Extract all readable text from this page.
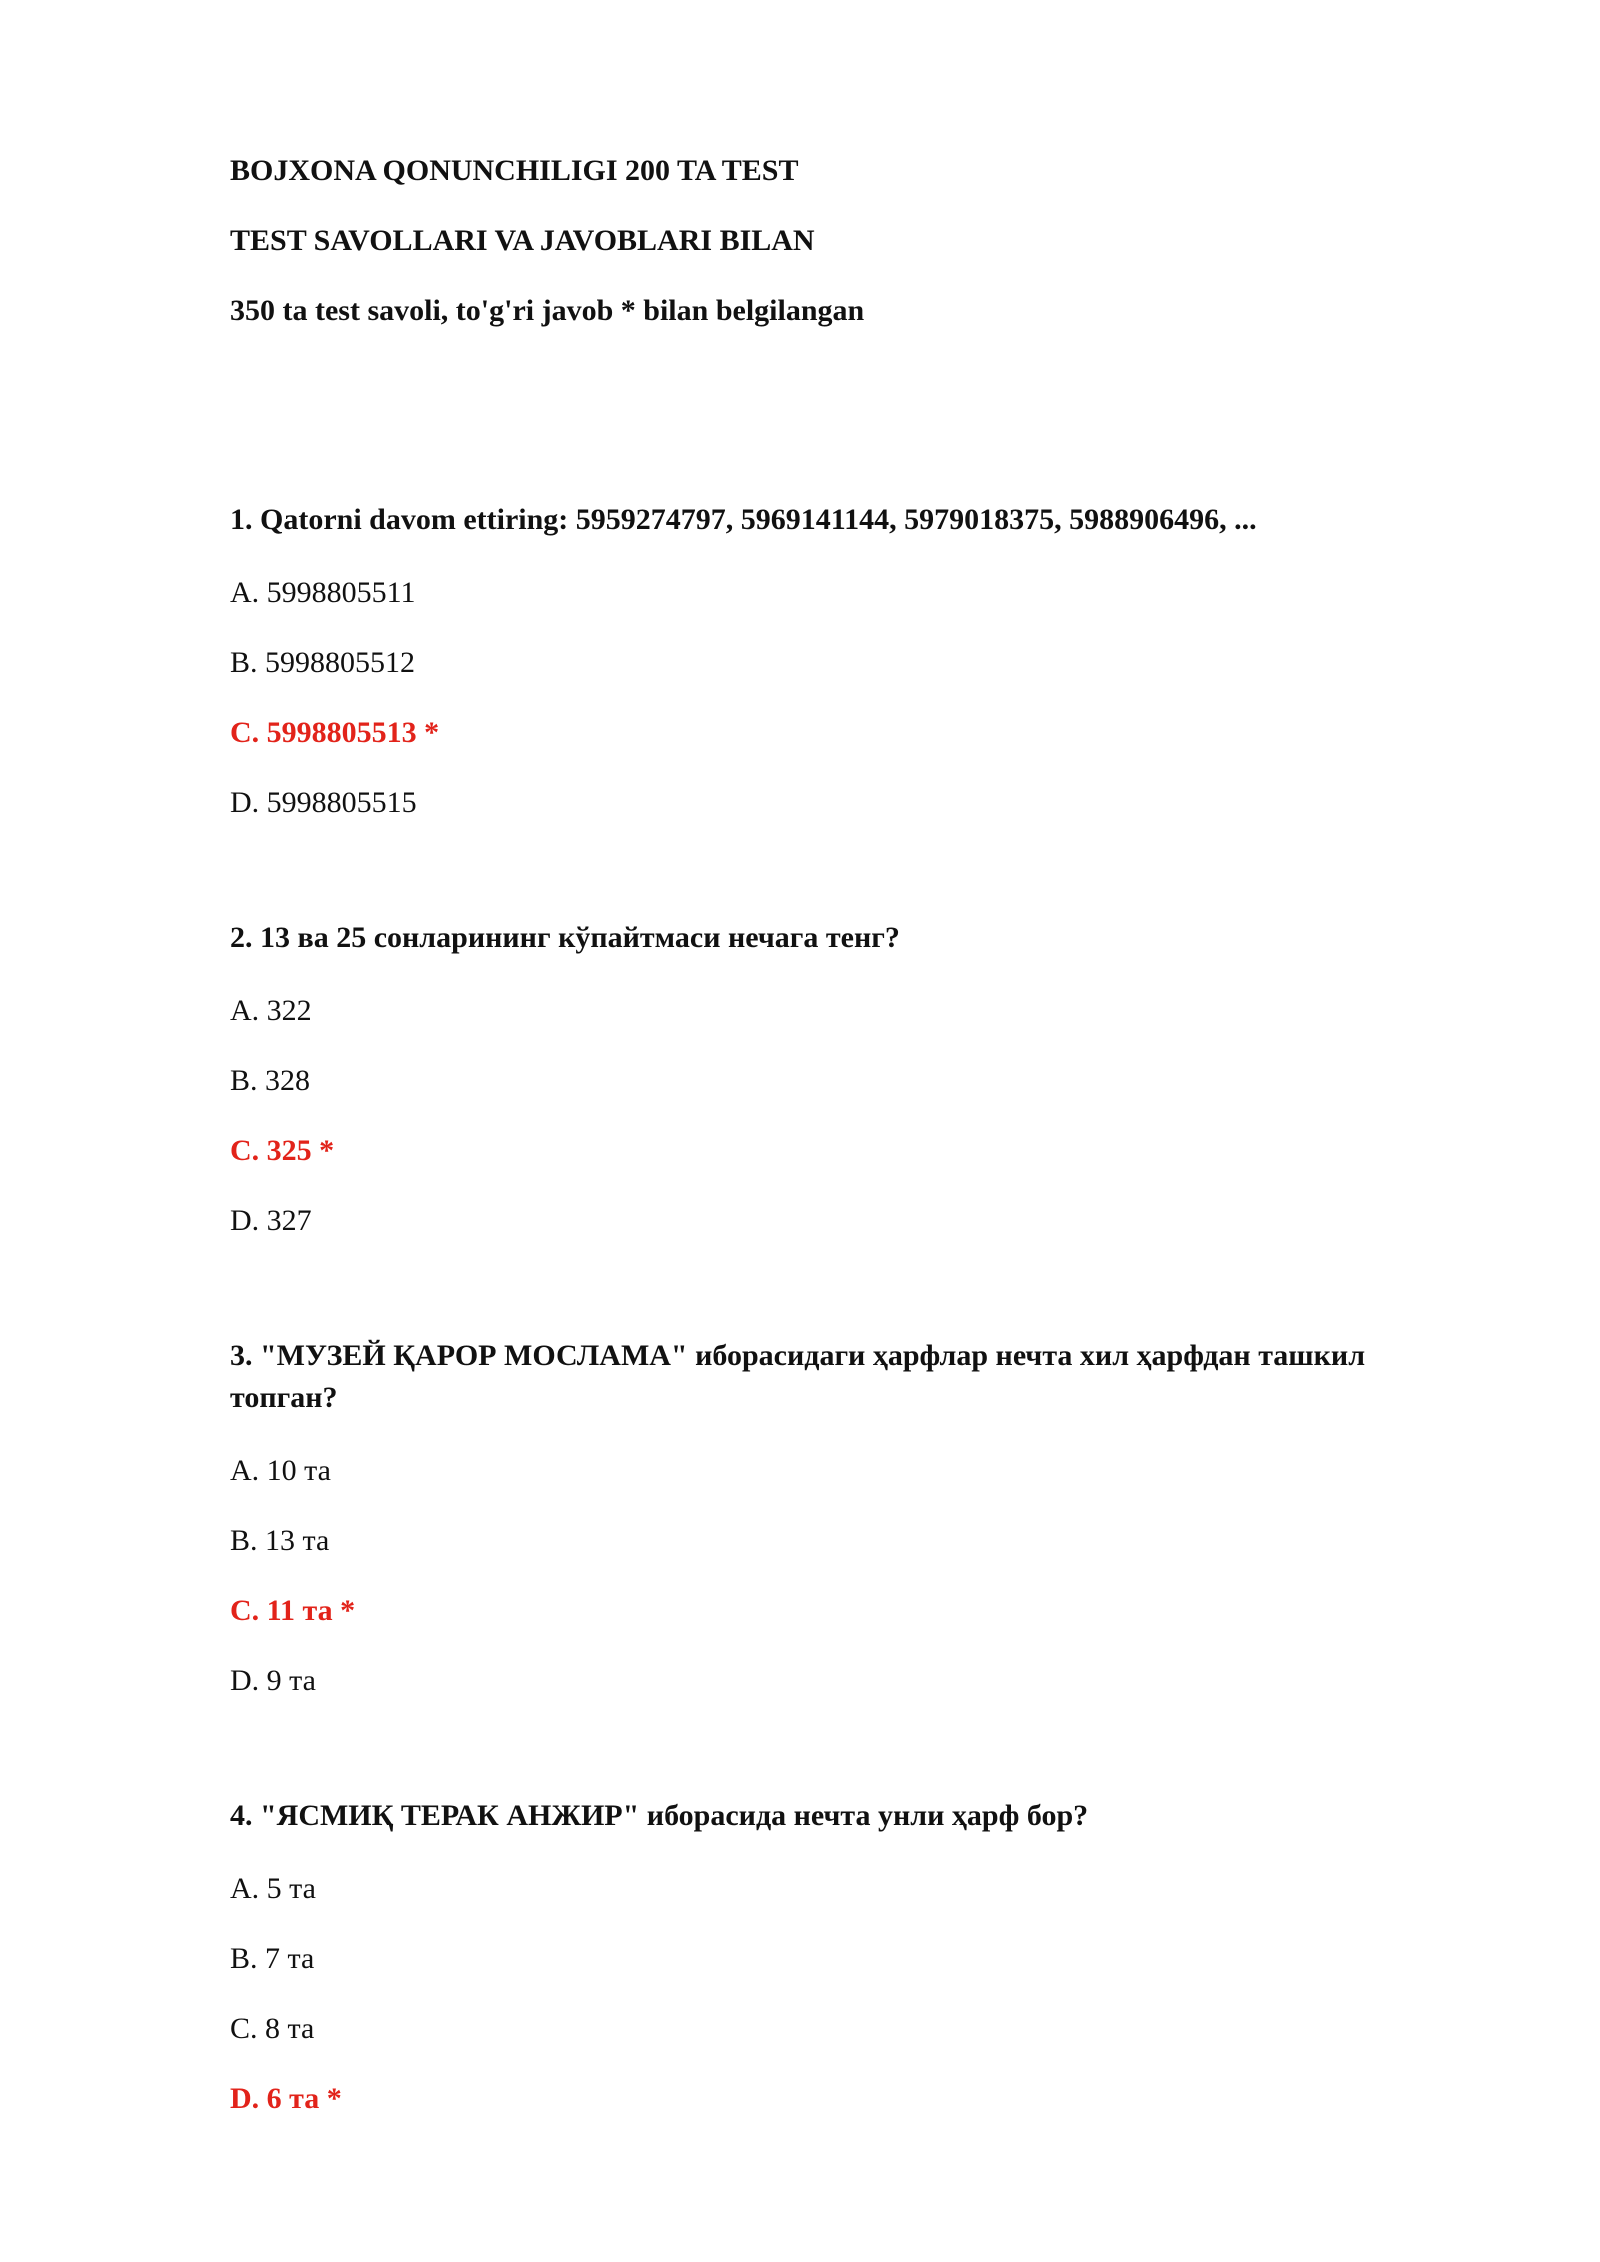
BOJXONA QONUNCHILIGI 200 TA TEST
TEST SAVOLLARI VA JAVOBLARI BILAN
350 ta test savoli, to'g'ri javob * bilan belgilangan

1. Qatorni davom ettiring: 5959274797, 5969141144, 5979018375, 5988906496, ...

A. 5998805511
B. 5998805512
C. 5998805513 *
D. 5998805515

2. 13 ва 25 сонларининг кўпайтмаси нечага тенг?

A. 322
B. 328
C. 325 *
D. 327

3. "МУЗЕЙ ҚАРОР МОСЛАМА" иборасидаги ҳарфлар нечта хил ҳарфдан ташкил топган?

A. 10 та
B. 13 та
C. 11 та *
D. 9 та

4. "ЯСМИҚ ТЕРАК АНЖИР" иборасида нечта унли ҳарф бор?

A. 5 та
B. 7 та
C. 8 та
D. 6 та *
